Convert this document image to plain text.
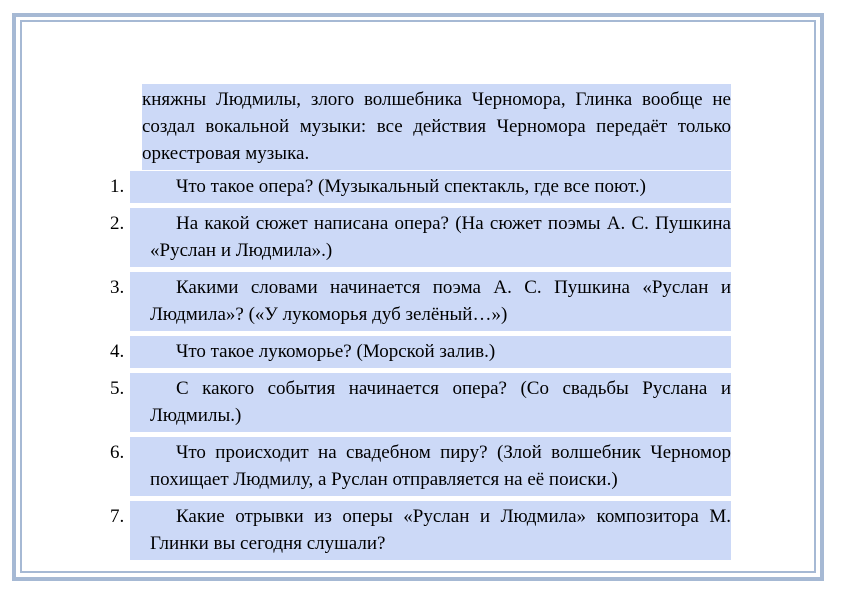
княжны Людмилы, злого волшебника Черномора, Глинка вообще не создал вокальной музыки: все действия Черномора передаёт только оркестровая музыка.
1.	Что такое опера? (Музыкальный спектакль, где все поют.)
2.	На какой сюжет написана опера? (На сюжет поэмы А. С. Пушкина «Руслан и Людмила».)
3.	Какими словами начинается поэма А. С. Пушкина «Руслан и Людмила»? («У лукоморья дуб зелёный…»)
4.	Что такое лукоморье? (Морской залив.)
5.	С какого события начинается опера? (Со свадьбы Руслана и Людмилы.)
6.	Что происходит на свадебном пиру? (Злой волшебник Черномор похищает Людмилу, а Руслан отправляется на её поиски.)
7.	Какие отрывки из оперы «Руслан и Людмила» композитора М. Глинки вы сегодня слушали?
